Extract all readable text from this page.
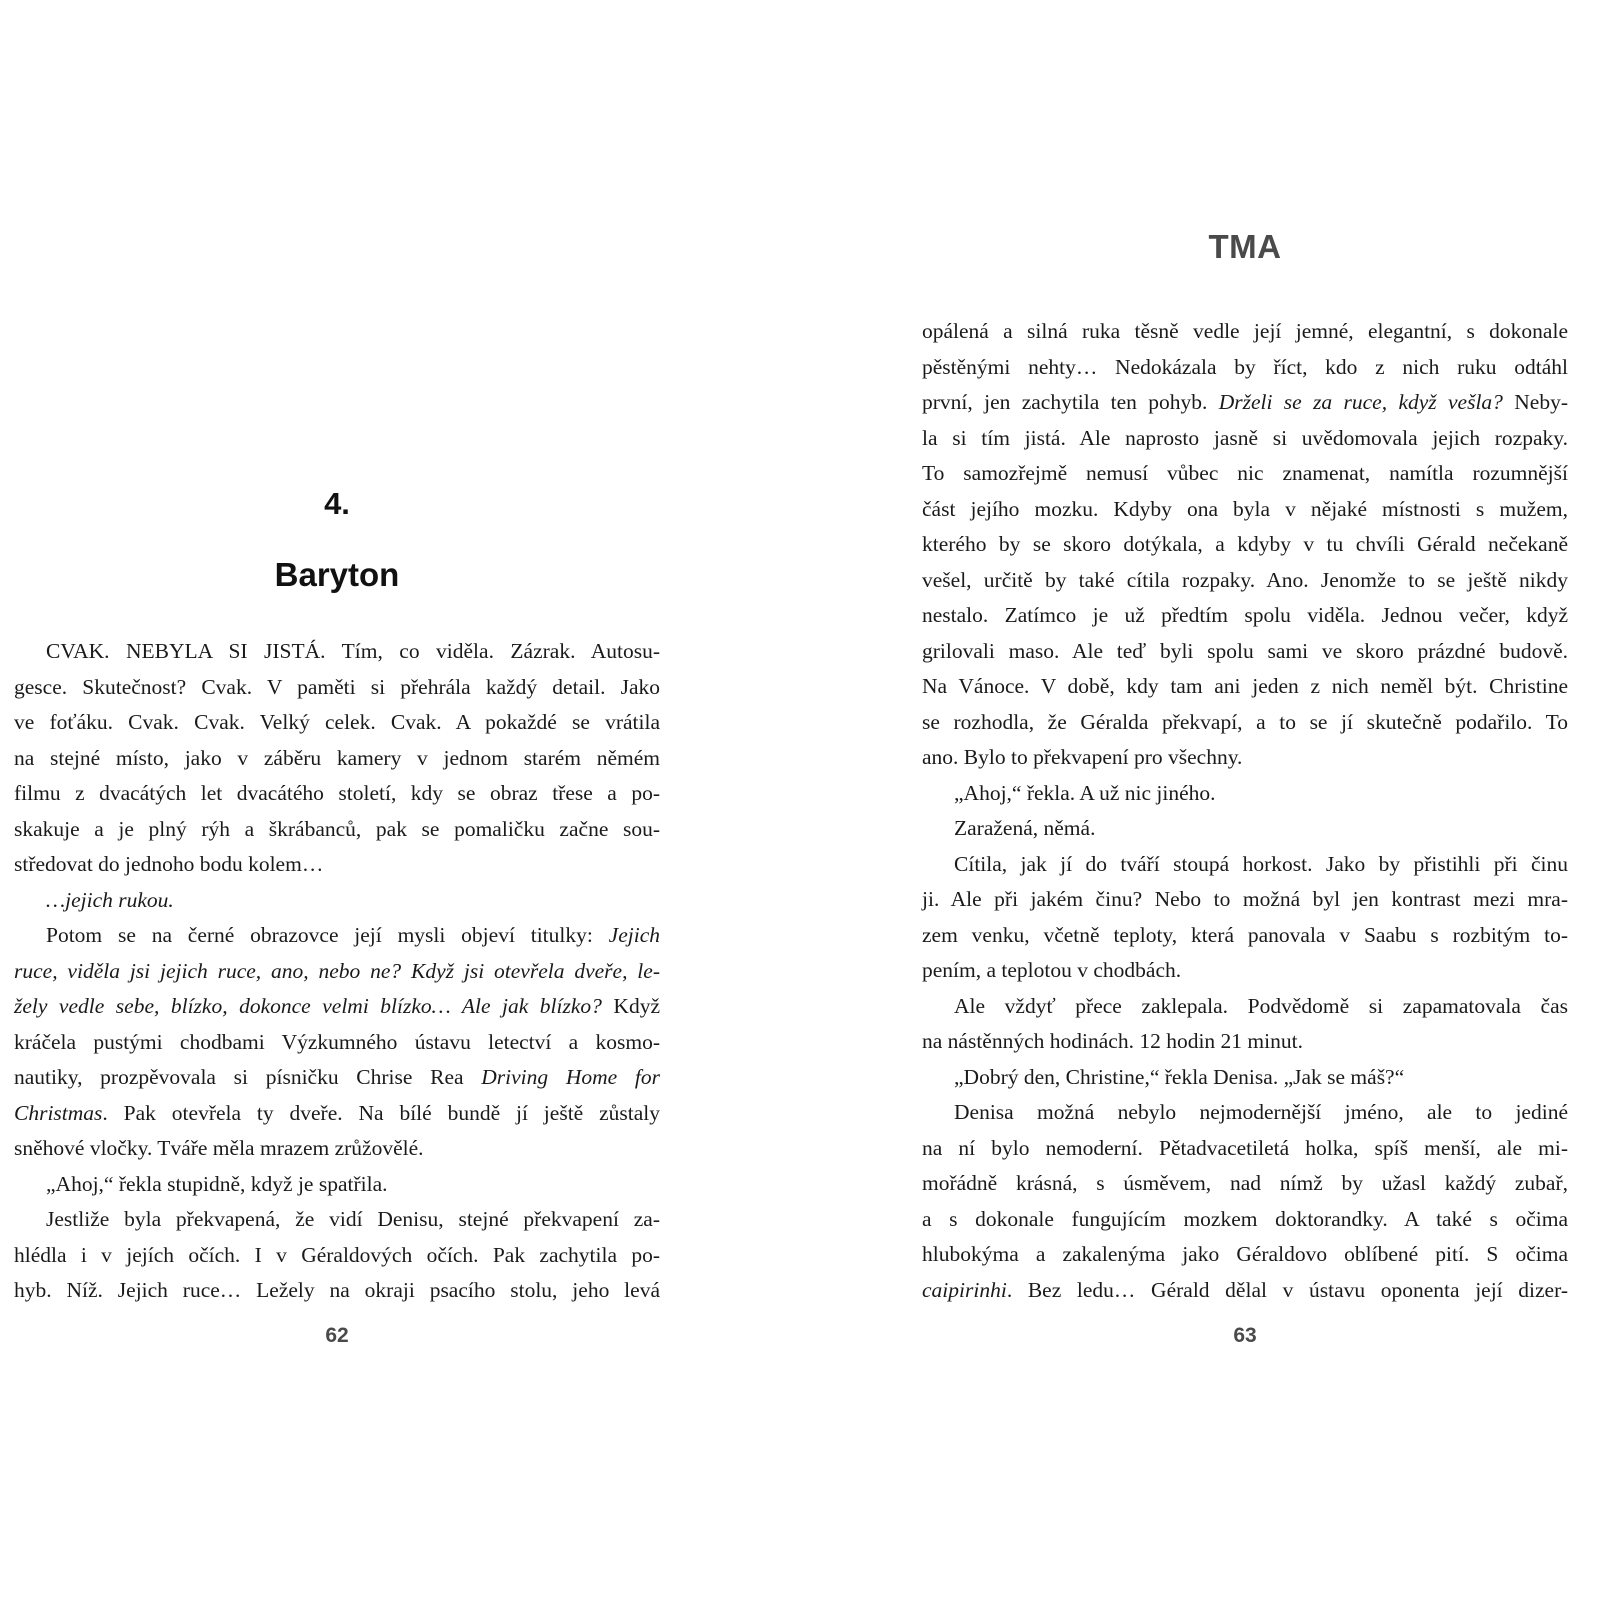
4.
Baryton
CVAK. NEBYLA SI JISTÁ. Tím, co viděla. Zázrak. Autosu-
gesce. Skutečnost? Cvak. V paměti si přehrála každý detail. Jako
ve foťáku. Cvak. Cvak. Velký celek. Cvak. A pokaždé se vrátila
na stejné místo, jako v záběru kamery v jednom starém němém
filmu z dvacátých let dvacátého století, kdy se obraz třese a po-
skakuje a je plný rýh a škrábanců, pak se pomaličku začne sou-
středovat do jednoho bodu kolem…
…jejich rukou.
Potom se na černé obrazovce její mysli objeví titulky: Jejich
ruce, viděla jsi jejich ruce, ano, nebo ne? Když jsi otevřela dveře, le-
žely vedle sebe, blízko, dokonce velmi blízko… Ale jak blízko? Když
kráčela pustými chodbami Výzkumného ústavu letectví a kosmo-
nautiky, prozpěvovala si písničku Chrise Rea Driving Home for
Christmas. Pak otevřela ty dveře. Na bílé bundě jí ještě zůstaly
sněhové vločky. Tváře měla mrazem zrůžovělé.
„Ahoj,“ řekla stupidně, když je spatřila.
Jestliže byla překvapená, že vidí Denisu, stejné překvapení za-
hlédla i v jejích očích. I v Géraldových očích. Pak zachytila po-
hyb. Níž. Jejich ruce… Ležely na okraji psacího stolu, jeho levá
62
TMA
opálená a silná ruka těsně vedle její jemné, elegantní, s dokonale
pěstěnými nehty… Nedokázala by říct, kdo z nich ruku odtáhl
první, jen zachytila ten pohyb. Drželi se za ruce, když vešla? Neby-
la si tím jistá. Ale naprosto jasně si uvědomovala jejich rozpaky.
To samozřejmě nemusí vůbec nic znamenat, namítla rozumnější
část jejího mozku. Kdyby ona byla v nějaké místnosti s mužem,
kterého by se skoro dotýkala, a kdyby v tu chvíli Gérald nečekaně
vešel, určitě by také cítila rozpaky. Ano. Jenomže to se ještě nikdy
nestalo. Zatímco je už předtím spolu viděla. Jednou večer, když
grilovali maso. Ale teď byli spolu sami ve skoro prázdné budově.
Na Vánoce. V době, kdy tam ani jeden z nich neměl být. Christine
se rozhodla, že Géralda překvapí, a to se jí skutečně podařilo. To
ano. Bylo to překvapení pro všechny.
„Ahoj,“ řekla. A už nic jiného.
Zaražená, němá.
Cítila, jak jí do tváří stoupá horkost. Jako by přistihli při činu
ji. Ale při jakém činu? Nebo to možná byl jen kontrast mezi mra-
zem venku, včetně teploty, která panovala v Saabu s rozbitým to-
pením, a teplotou v chodbách.
Ale vždyť přece zaklepala. Podvědomě si zapamatovala čas
na nástěnných hodinách. 12 hodin 21 minut.
„Dobrý den, Christine,“ řekla Denisa. „Jak se máš?“
Denisa možná nebylo nejmodernější jméno, ale to jediné
na ní bylo nemoderní. Pětadvacetiletá holka, spíš menší, ale mi-
mořádně krásná, s úsměvem, nad nímž by užasl každý zubař,
a s dokonale fungujícím mozkem doktorandky. A také s očima
hlubokýma a zakalenýma jako Géraldovo oblíbené pití. S očima
caipirinhi. Bez ledu… Gérald dělal v ústavu oponenta její dizer-
63
